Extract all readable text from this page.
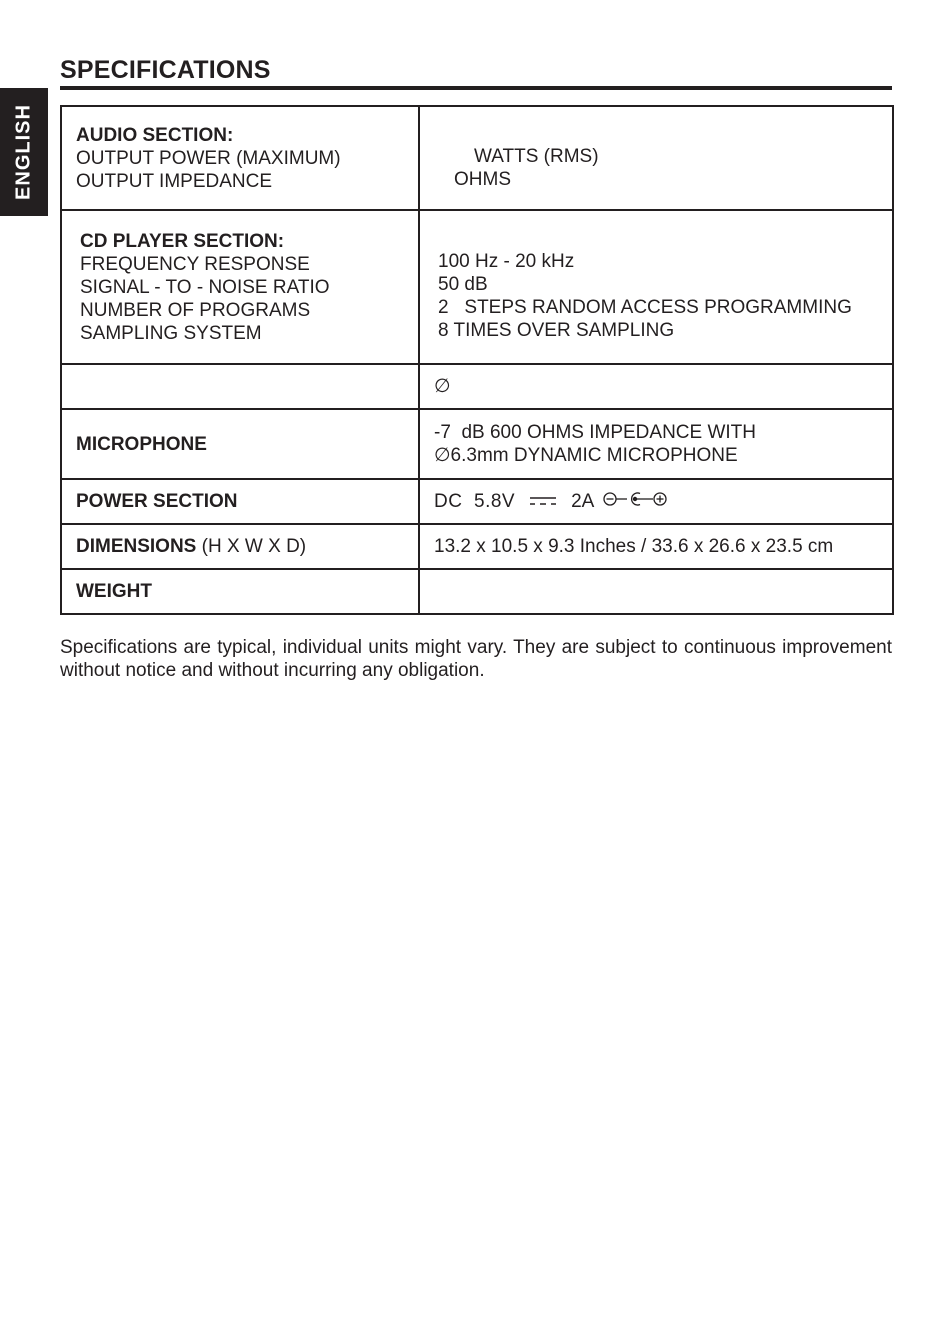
ENGLISH
SPECIFICATIONS
AUDIO SECTION:
OUTPUT POWER (MAXIMUM)
OUTPUT IMPEDANCE	WATTS (RMS)
OHMS

CD PLAYER SECTION:
FREQUENCY RESPONSE
SIGNAL - TO - NOISE RATIO
NUMBER OF PROGRAMS
SAMPLING SYSTEM	100 Hz - 20 kHz
50 dB
2   STEPS RANDOM ACCESS PROGRAMMING
8 TIMES OVER SAMPLING

	∅

MICROPHONE	-7  dB 600 OHMS IMPEDANCE WITH
∅6.3mm DYNAMIC MICROPHONE

POWER SECTION	DC  5.8V 2A

DIMENSIONS (H X W X D)	13.2 x 10.5 x 9.3 Inches / 33.6 x 26.6 x 23.5 cm

WEIGHT	

Specifications are typical, individual units might vary. They are subject to continuous improvement without notice and without incurring any obligation.
